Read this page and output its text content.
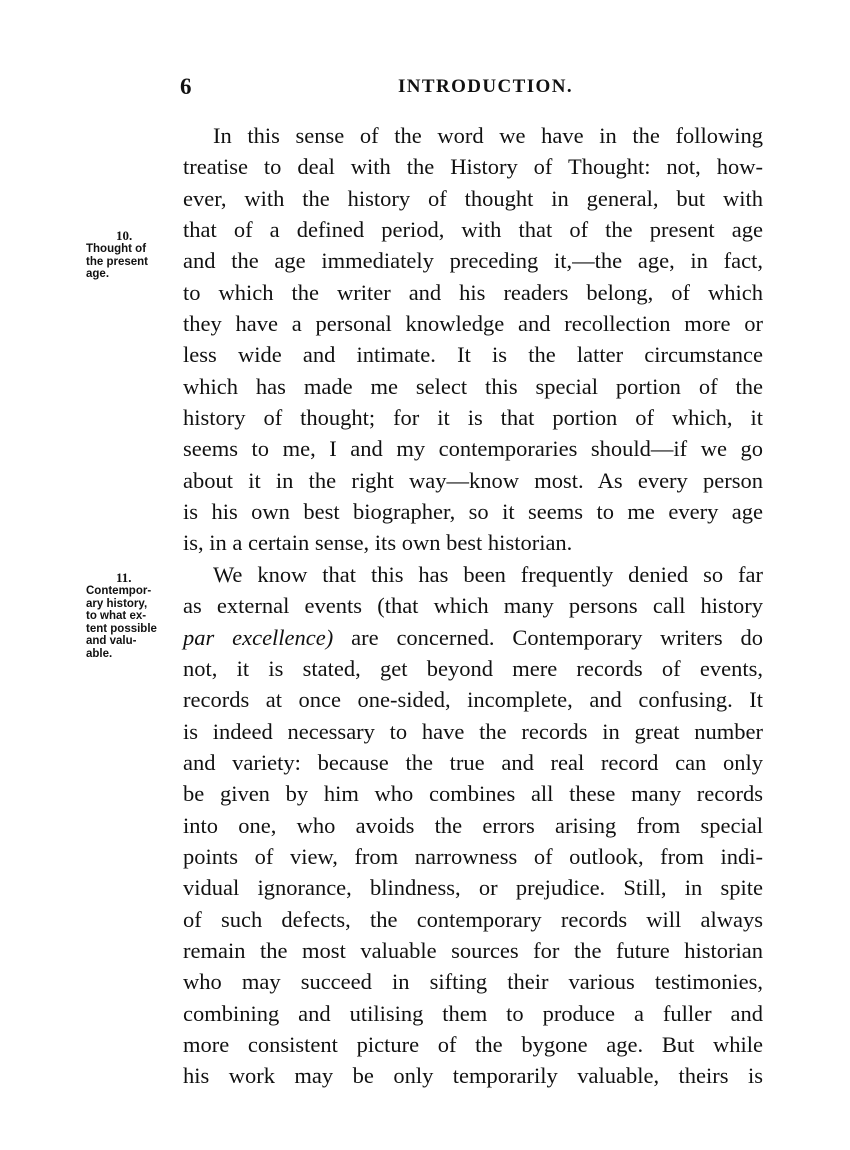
6	INTRODUCTION.
10.
Thought of
the present
age.
11.
Contempor-
ary history,
to what ex-
tent possible
and valu-
able.
In this sense of the word we have in the following
treatise to deal with the History of Thought: not, how-
ever, with the history of thought in general, but with
that of a defined period, with that of the present age
and the age immediately preceding it,—the age, in fact,
to which the writer and his readers belong, of which
they have a personal knowledge and recollection more or
less wide and intimate. It is the latter circumstance
which has made me select this special portion of the
history of thought; for it is that portion of which, it
seems to me, I and my contemporaries should—if we go
about it in the right way—know most. As every person
is his own best biographer, so it seems to me every age
is, in a certain sense, its own best historian.
We know that this has been frequently denied so far
as external events (that which many persons call history
par excellence) are concerned. Contemporary writers do
not, it is stated, get beyond mere records of events,
records at once one-sided, incomplete, and confusing. It
is indeed necessary to have the records in great number
and variety: because the true and real record can only
be given by him who combines all these many records
into one, who avoids the errors arising from special
points of view, from narrowness of outlook, from indi-
vidual ignorance, blindness, or prejudice. Still, in spite
of such defects, the contemporary records will always
remain the most valuable sources for the future historian
who may succeed in sifting their various testimonies,
combining and utilising them to produce a fuller and
more consistent picture of the bygone age. But while
his work may be only temporarily valuable, theirs is
